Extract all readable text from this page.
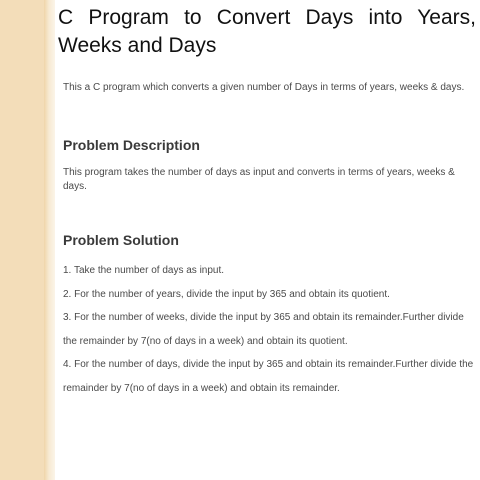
C Program to Convert Days into Years, Weeks and Days

This a C program which converts a given number of Days in terms of years, weeks & days.

Problem Description

This program takes the number of days as input and converts in terms of years, weeks & days.

Problem Solution
1. Take the number of days as input.
2. For the number of years, divide the input by 365 and obtain its quotient.
3. For the number of weeks, divide the input by 365 and obtain its remainder.Further divide the remainder by 7(no of days in a week) and obtain its quotient.
4. For the number of days, divide the input by 365 and obtain its remainder.Further divide the remainder by 7(no of days in a week) and obtain its remainder.
